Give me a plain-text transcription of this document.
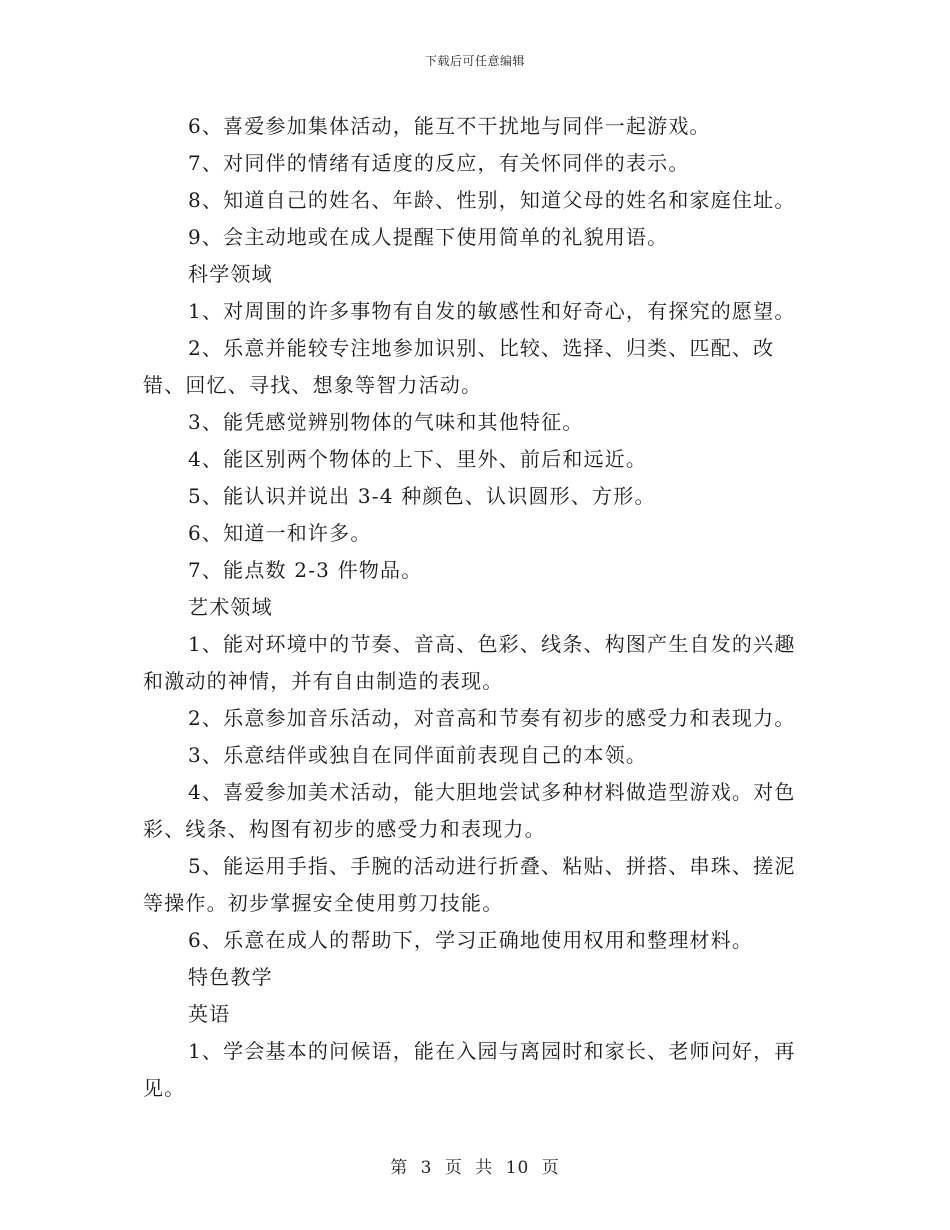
下载后可任意编辑

6、喜爱参加集体活动，能互不干扰地与同伴一起游戏。

7、对同伴的情绪有适度的反应，有关怀同伴的表示。

8、知道自己的姓名、年龄、性别，知道父母的姓名和家庭住址。

9、会主动地或在成人提醒下使用简单的礼貌用语。

科学领域

1、对周围的许多事物有自发的敏感性和好奇心，有探究的愿望。

2、乐意并能较专注地参加识别、比较、选择、归类、匹配、改错、回忆、寻找、想象等智力活动。

3、能凭感觉辨别物体的气味和其他特征。

4、能区别两个物体的上下、里外、前后和远近。

5、能认识并说出 3-4 种颜色、认识圆形、方形。

6、知道一和许多。

7、能点数 2-3 件物品。

艺术领域

1、能对环境中的节奏、音高、色彩、线条、构图产生自发的兴趣和激动的神情，并有自由制造的表现。

2、乐意参加音乐活动，对音高和节奏有初步的感受力和表现力。

3、乐意结伴或独自在同伴面前表现自己的本领。

4、喜爱参加美术活动，能大胆地尝试多种材料做造型游戏。对色彩、线条、构图有初步的感受力和表现力。

5、能运用手指、手腕的活动进行折叠、粘贴、拼搭、串珠、搓泥等操作。初步掌握安全使用剪刀技能。

6、乐意在成人的帮助下，学习正确地使用权用和整理材料。

特色教学

英语

1、学会基本的问候语，能在入园与离园时和家长、老师问好，再见。

第 3 页 共 10 页
